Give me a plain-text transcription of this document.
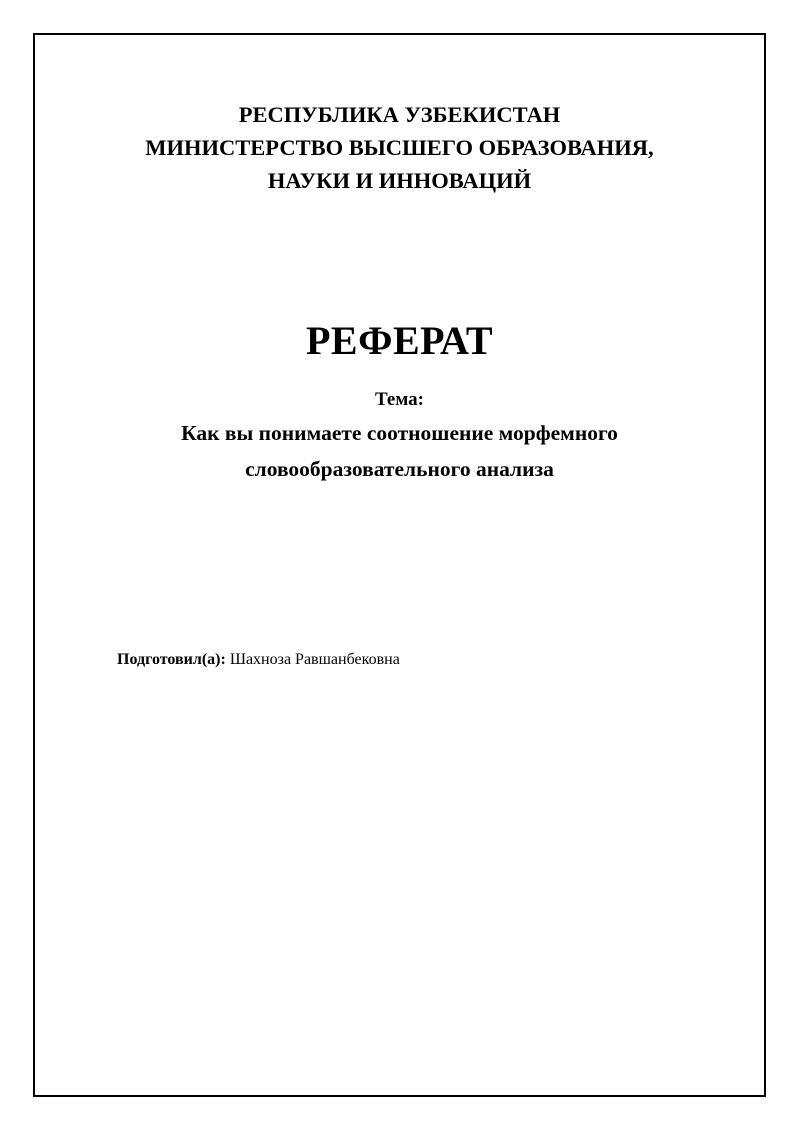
РЕСПУБЛИКА УЗБЕКИСТАН
МИНИСТЕРСТВО ВЫСШЕГО ОБРАЗОВАНИЯ,
НАУКИ И ИННОВАЦИЙ
РЕФЕРАТ
Тема:
Как вы понимаете соотношение морфемного
словообразовательного анализа
Подготовил(а): Шахноза Равшанбековна
